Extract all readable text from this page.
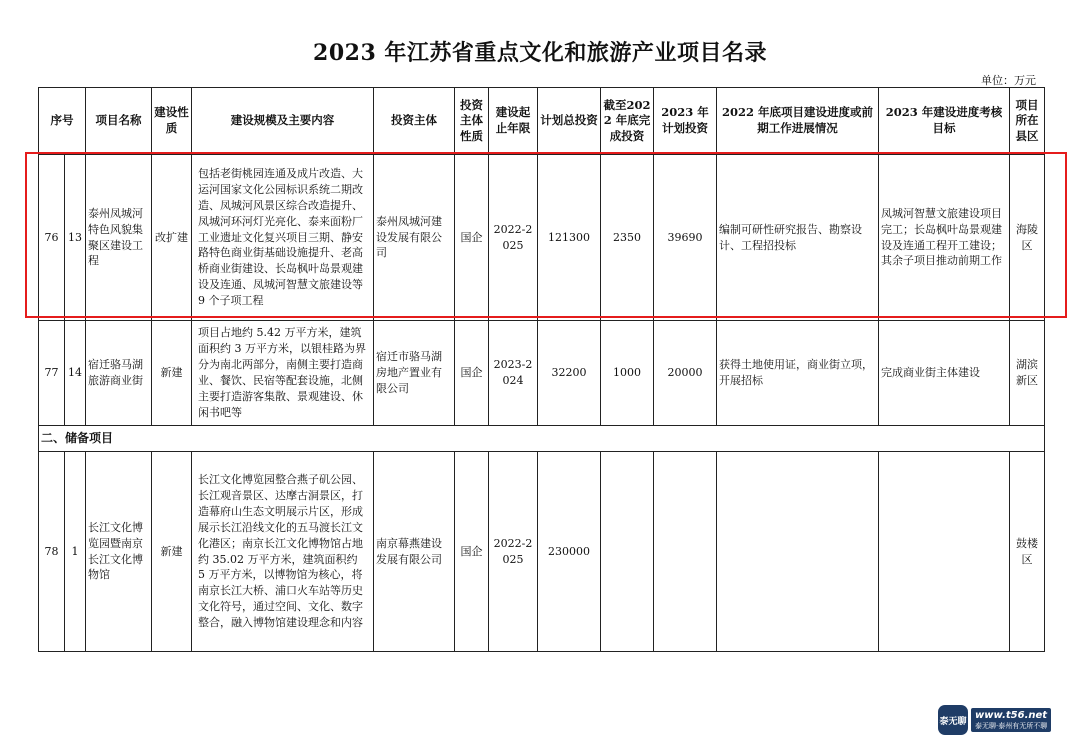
2023 年江苏省重点文化和旅游产业项目名录
单位：万元
序号		项目名称	建设性质	建设规模及主要内容	投资主体	投资主体性质	建设起止年限	计划总投资	截至2022 年底完成投资	2023 年计划投资	2022 年底项目建设进度或前期工作进展情况	2023 年建设进度考核目标	项目所在县区
76	13	泰州凤城河特色风貌集聚区建设工程	改扩建	包括老街桃园连通及成片改造、大运河国家文化公园标识系统二期改造、凤城河风景区综合改造提升、凤城河环河灯光亮化、泰来面粉厂工业遗址文化复兴项目三期、静安路特色商业街基础设施提升、老高桥商业街建设、长岛枫叶岛景观建设及连通、凤城河智慧文旅建设等 9 个子项工程	泰州凤城河建设发展有限公司	国企	2022-2025	121300	2350	39690	编制可研性研究报告、勘察设计、工程招投标	凤城河智慧文旅建设项目完工；长岛枫叶岛景观建设及连通工程开工建设；其余子项目推动前期工作	海陵区
77	14	宿迁骆马湖旅游商业街	新建	项目占地约 5.42 万平方米，建筑面积约 3 万平方米，以银桂路为界分为南北两部分，南侧主要打造商业、餐饮、民宿等配套设施，北侧主要打造游客集散、景观建设、休闲书吧等	宿迁市骆马湖房地产置业有限公司	国企	2023-2024	32200	1000	20000	获得土地使用证，商业街立项，开展招标	完成商业街主体建设	湖滨新区
二、储备项目													
78	1	长江文化博览园暨南京长江文化博物馆	新建	长江文化博览园整合燕子矶公园、长江观音景区、达摩古洞景区，打造幕府山生态文明展示片区，形成展示长江沿线文化的五马渡长江文化港区；南京长江文化博物馆占地约 35.02 万平方米，建筑面积约 5 万平方米，以博物馆为核心，将南京长江大桥、浦口火车站等历史文化符号，通过空间、文化、数字整合，融入博物馆建设理念和内容	南京幕燕建设发展有限公司	国企	2022-2025	230000					鼓楼区
泰无聊
www.t56.net
泰无聊·泰州有无所不聊
